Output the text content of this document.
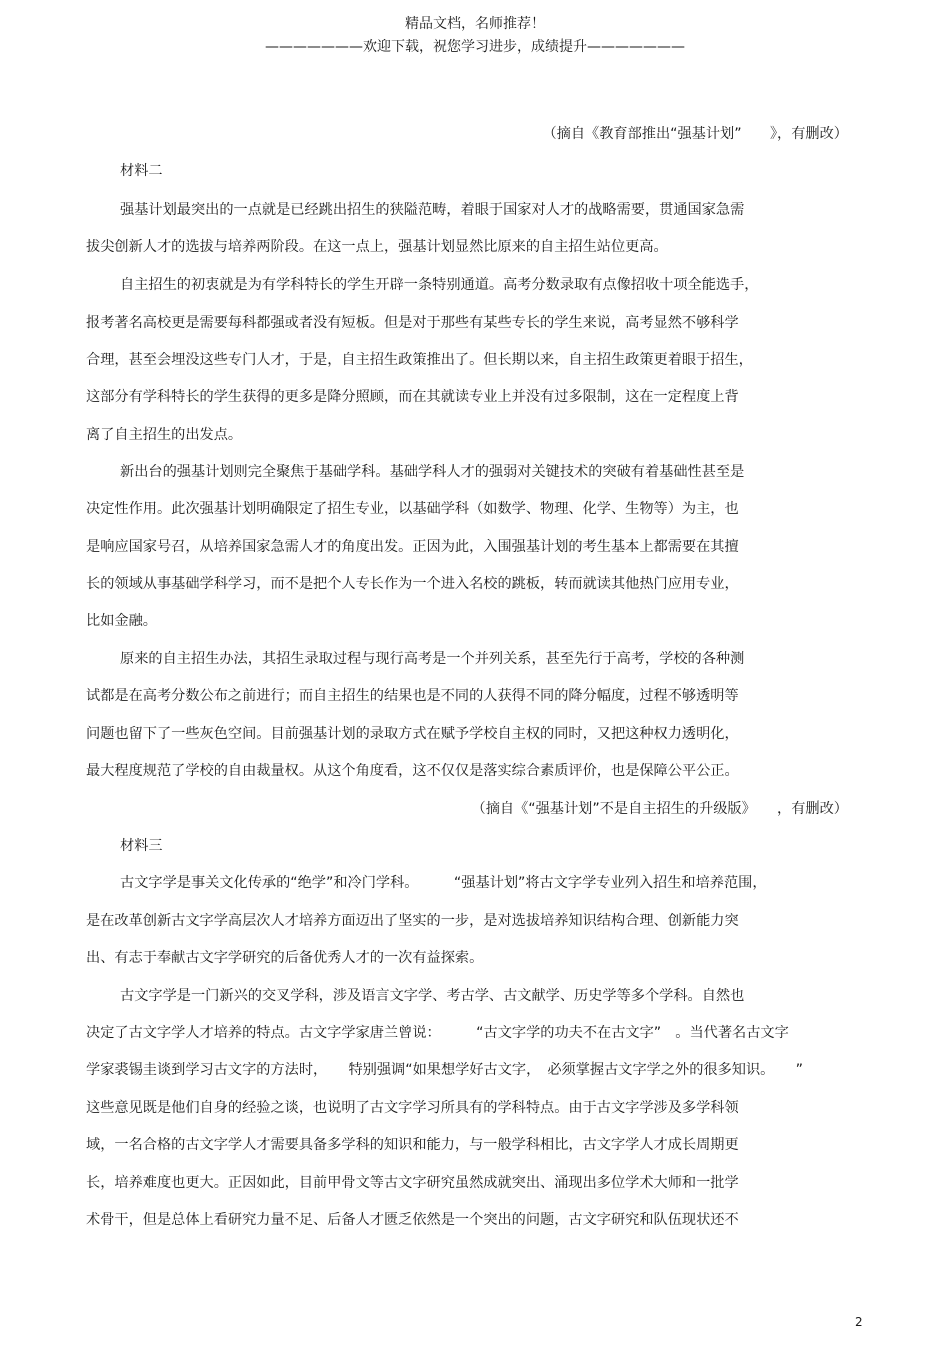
精品文档，名师推荐！
———————欢迎下载，祝您学习进步，成绩提升———————
（摘自《教育部推出“强基计划”　　》，有删改）
材料二
强基计划最突出的一点就是已经跳出招生的狭隘范畴，着眼于国家对人才的战略需要，贯通国家急需
拔尖创新人才的选拔与培养两阶段。在这一点上，强基计划显然比原来的自主招生站位更高。
自主招生的初衷就是为有学科特长的学生开辟一条特别通道。高考分数录取有点像招收十项全能选手，
报考著名高校更是需要每科都强或者没有短板。但是对于那些有某些专长的学生来说，高考显然不够科学
合理，甚至会埋没这些专门人才，于是，自主招生政策推出了。但长期以来，自主招生政策更着眼于招生，
这部分有学科特长的学生获得的更多是降分照顾，而在其就读专业上并没有过多限制，这在一定程度上背
离了自主招生的出发点。
新出台的强基计划则完全聚焦于基础学科。基础学科人才的强弱对关键技术的突破有着基础性甚至是
决定性作用。此次强基计划明确限定了招生专业，以基础学科（如数学、物理、化学、生物等）为主，也
是响应国家号召，从培养国家急需人才的角度出发。正因为此，入围强基计划的考生基本上都需要在其擅
长的领域从事基础学科学习，而不是把个人专长作为一个进入名校的跳板，转而就读其他热门应用专业，
比如金融。
原来的自主招生办法，其招生录取过程与现行高考是一个并列关系，甚至先行于高考，学校的各种测
试都是在高考分数公布之前进行；而自主招生的结果也是不同的人获得不同的降分幅度，过程不够透明等
问题也留下了一些灰色空间。目前强基计划的录取方式在赋予学校自主权的同时，又把这种权力透明化，
最大程度规范了学校的自由裁量权。从这个角度看，这不仅仅是落实综合素质评价，也是保障公平公正。
（摘自《“强基计划”不是自主招生的升级版》　　，有删改）
材料三
古文字学是事关文化传承的“绝学”和冷门学科。　　　“强基计划”将古文字学专业列入招生和培养范围，
是在改革创新古文字学高层次人才培养方面迈出了坚实的一步，是对选拔培养知识结构合理、创新能力突
出、有志于奉献古文字学研究的后备优秀人才的一次有益探索。
古文字学是一门新兴的交叉学科，涉及语言文字学、考古学、古文献学、历史学等多个学科。自然也
决定了古文字学人才培养的特点。古文字学家唐兰曾说：　　　“古文字学的功夫不在古文字”　。当代著名古文字
学家裘锡圭谈到学习古文字的方法时，　　特别强调“如果想学好古文字，　必须掌握古文字学之外的很多知识。　　”
这些意见既是他们自身的经验之谈，也说明了古文字学习所具有的学科特点。由于古文字学涉及多学科领
域，一名合格的古文字学人才需要具备多学科的知识和能力，与一般学科相比，古文字学人才成长周期更
长，培养难度也更大。正因如此，目前甲骨文等古文字研究虽然成就突出、涌现出多位学术大师和一批学
术骨干，但是总体上看研究力量不足、后备人才匮乏依然是一个突出的问题，古文字研究和队伍现状还不
2
